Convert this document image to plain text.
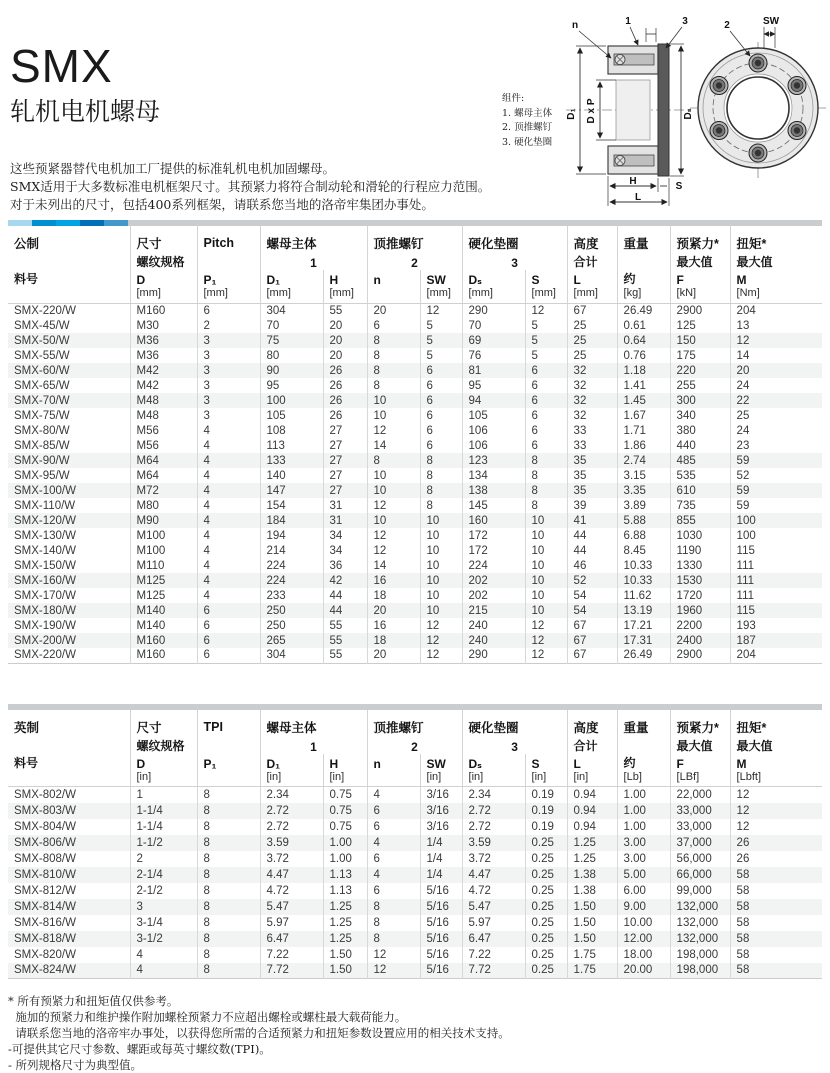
SMX
轧机电机螺母
这些预紧器替代电机加工厂提供的标准轧机电机加固螺母。
SMX适用于大多数标准电机框架尺寸。其预紧力将符合制动轮和滑轮的行程应力范围。
对于未列出的尺寸，包括400系列框架，请联系您当地的洛帝牢集团办事处。
组件:
1. 螺母主体
2. 顶推螺钉
3. 硬化垫圈
D₁ D x P	Dₛ
H	S
L
n	1	3	2	SW
公制	尺寸	Pitch	螺母主体		顶推螺钉		硬化垫圈		高度	重量	预紧力*	扭矩*
	螺纹规格		1		2		3		合计		最大值	最大值
料号	D	P₁	D₁	H	n	SW	Dₛ	S	L	约	F	M
	[mm]	[mm]	[mm]	[mm]		[mm]	[mm]	[mm]	[mm]	[kg]	[kN]	[Nm]
SMX-220/W	M160	6	304	55	20	12	290	12	67	26.49	2900	204
SMX-45/W	M30	2	70	20	6	5	70	5	25	0.61	125	13
SMX-50/W	M36	3	75	20	8	5	69	5	25	0.64	150	12
SMX-55/W	M36	3	80	20	8	5	76	5	25	0.76	175	14
SMX-60/W	M42	3	90	26	8	6	81	6	32	1.18	220	20
SMX-65/W	M42	3	95	26	8	6	95	6	32	1.41	255	24
SMX-70/W	M48	3	100	26	10	6	94	6	32	1.45	300	22
SMX-75/W	M48	3	105	26	10	6	105	6	32	1.67	340	25
SMX-80/W	M56	4	108	27	12	6	106	6	33	1.71	380	24
SMX-85/W	M56	4	113	27	14	6	106	6	33	1.86	440	23
SMX-90/W	M64	4	133	27	8	8	123	8	35	2.74	485	59
SMX-95/W	M64	4	140	27	10	8	134	8	35	3.15	535	52
SMX-100/W	M72	4	147	27	10	8	138	8	35	3.35	610	59
SMX-110/W	M80	4	154	31	12	8	145	8	39	3.89	735	59
SMX-120/W	M90	4	184	31	10	10	160	10	41	5.88	855	100
SMX-130/W	M100	4	194	34	12	10	172	10	44	6.88	1030	100
SMX-140/W	M100	4	214	34	12	10	172	10	44	8.45	1190	115
SMX-150/W	M110	4	224	36	14	10	224	10	46	10.33	1330	111
SMX-160/W	M125	4	224	42	16	10	202	10	52	10.33	1530	111
SMX-170/W	M125	4	233	44	18	10	202	10	54	11.62	1720	111
SMX-180/W	M140	6	250	44	20	10	215	10	54	13.19	1960	115
SMX-190/W	M140	6	250	55	16	12	240	12	67	17.21	2200	193
SMX-200/W	M160	6	265	55	18	12	240	12	67	17.31	2400	187
SMX-220/W	M160	6	304	55	20	12	290	12	67	26.49	2900	204
英制	尺寸	TPI	螺母主体		顶推螺钉		硬化垫圈		高度	重量	预紧力*	扭矩*
	螺纹规格		1		2		3		合计		最大值	最大值
料号	D	P₁	D₁	H	n	SW	Dₛ	S	L	约	F	M
	[in]		[in]	[in]		[in]	[in]	[in]	[in]	[Lb]	[LBf]	[Lbft]
SMX-802/W	1	8	2.34	0.75	4	3/16	2.34	0.19	0.94	1.00	22,000	12
SMX-803/W	1-1/4	8	2.72	0.75	6	3/16	2.72	0.19	0.94	1.00	33,000	12
SMX-804/W	1-1/4	8	2.72	0.75	6	3/16	2.72	0.19	0.94	1.00	33,000	12
SMX-806/W	1-1/2	8	3.59	1.00	4	1/4	3.59	0.25	1.25	3.00	37,000	26
SMX-808/W	2	8	3.72	1.00	6	1/4	3.72	0.25	1.25	3.00	56,000	26
SMX-810/W	2-1/4	8	4.47	1.13	4	1/4	4.47	0.25	1.38	5.00	66,000	58
SMX-812/W	2-1/2	8	4.72	1.13	6	5/16	4.72	0.25	1.38	6.00	99,000	58
SMX-814/W	3	8	5.47	1.25	8	5/16	5.47	0.25	1.50	9.00	132,000	58
SMX-816/W	3-1/4	8	5.97	1.25	8	5/16	5.97	0.25	1.50	10.00	132,000	58
SMX-818/W	3-1/2	8	6.47	1.25	8	5/16	6.47	0.25	1.50	12.00	132,000	58
SMX-820/W	4	8	7.22	1.50	12	5/16	7.22	0.25	1.75	18.00	198,000	58
SMX-824/W	4	8	7.72	1.50	12	5/16	7.72	0.25	1.75	20.00	198,000	58
* 所有预紧力和扭矩值仅供参考。
施加的预紧力和维护操作附加螺栓预紧力不应超出螺栓或螺柱最大载荷能力。
请联系您当地的洛帝牢办事处，以获得您所需的合适预紧力和扭矩参数设置应用的相关技术支持。
-可提供其它尺寸参数、螺距或每英寸螺纹数(TPI)。
- 所列规格尺寸为典型值。
